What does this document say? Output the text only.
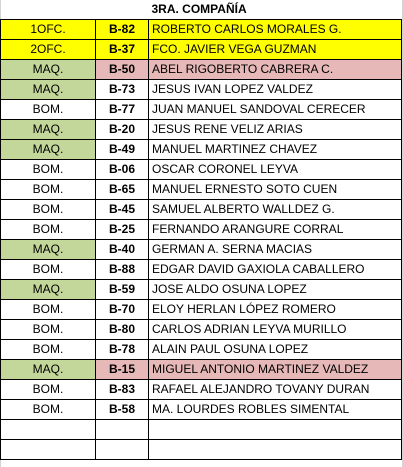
		3RA. COMPAÑÍA
1OFC.	B-82	ROBERTO CARLOS MORALES G.
2OFC.	B-37	FCO. JAVIER VEGA GUZMAN
MAQ.	B-50	ABEL RIGOBERTO CABRERA C.
MAQ.	B-73	JESUS IVAN LOPEZ VALDEZ
BOM.	B-77	JUAN MANUEL SANDOVAL CERECER
MAQ.	B-20	JESUS RENE VELIZ ARIAS
MAQ.	B-49	MANUEL MARTINEZ CHAVEZ
BOM.	B-06	OSCAR CORONEL LEYVA
BOM.	B-65	MANUEL ERNESTO SOTO CUEN
BOM.	B-45	SAMUEL ALBERTO WALLDEZ G.
BOM.	B-25	FERNANDO ARANGURE CORRAL
MAQ.	B-40	GERMAN A. SERNA MACIAS
BOM.	B-88	EDGAR DAVID GAXIOLA CABALLERO
MAQ.	B-59	JOSE ALDO OSUNA LOPEZ
BOM.	B-70	ELOY HERLAN LÓPEZ ROMERO
BOM.	B-80	CARLOS ADRIAN LEYVA MURILLO
BOM.	B-78	ALAIN PAUL OSUNA LOPEZ
MAQ.	B-15	MIGUEL ANTONIO MARTINEZ VALDEZ
BOM.	B-83	RAFAEL ALEJANDRO TOVANY DURAN
BOM.	B-58	MA. LOURDES ROBLES SIMENTAL
